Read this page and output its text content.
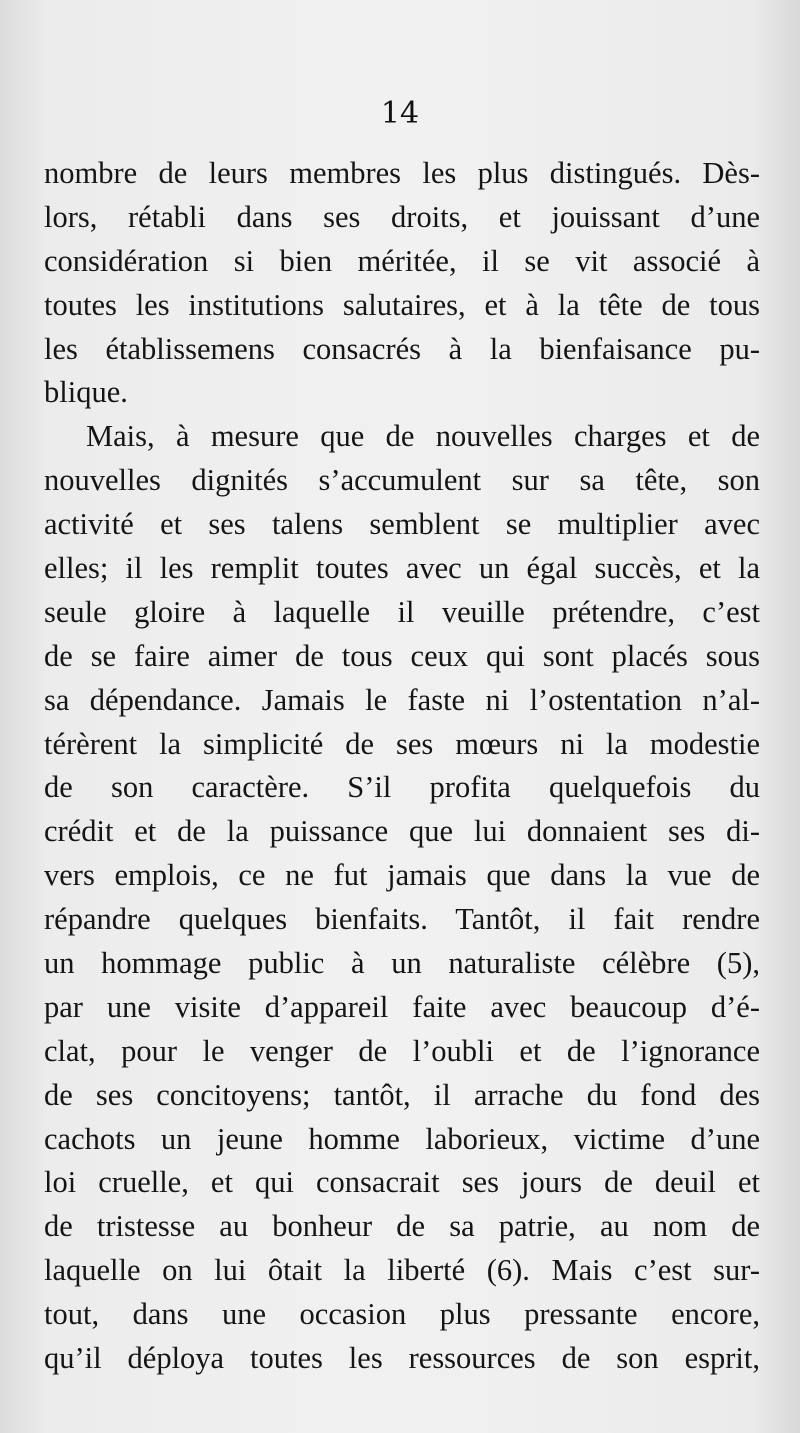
14
nombre de leurs membres les plus distingués. Dès-
lors, rétabli dans ses droits, et jouissant d’une
considération si bien méritée, il se vit associé à
toutes les institutions salutaires, et à la tête de tous
les établissemens consacrés à la bienfaisance pu-
blique.
Mais, à mesure que de nouvelles charges et de
nouvelles dignités s’accumulent sur sa tête, son
activité et ses talens semblent se multiplier avec
elles; il les remplit toutes avec un égal succès, et la
seule gloire à laquelle il veuille prétendre, c’est
de se faire aimer de tous ceux qui sont placés sous
sa dépendance. Jamais le faste ni l’ostentation n’al-
térèrent la simplicité de ses mœurs ni la modestie
de son caractère. S’il profita quelquefois du
crédit et de la puissance que lui donnaient ses di-
vers emplois, ce ne fut jamais que dans la vue de
répandre quelques bienfaits. Tantôt, il fait rendre
un hommage public à un naturaliste célèbre (5),
par une visite d’appareil faite avec beaucoup d’é-
clat, pour le venger de l’oubli et de l’ignorance
de ses concitoyens; tantôt, il arrache du fond des
cachots un jeune homme laborieux, victime d’une
loi cruelle, et qui consacrait ses jours de deuil et
de tristesse au bonheur de sa patrie, au nom de
laquelle on lui ôtait la liberté (6). Mais c’est sur-
tout, dans une occasion plus pressante encore,
qu’il déploya toutes les ressources de son esprit,
